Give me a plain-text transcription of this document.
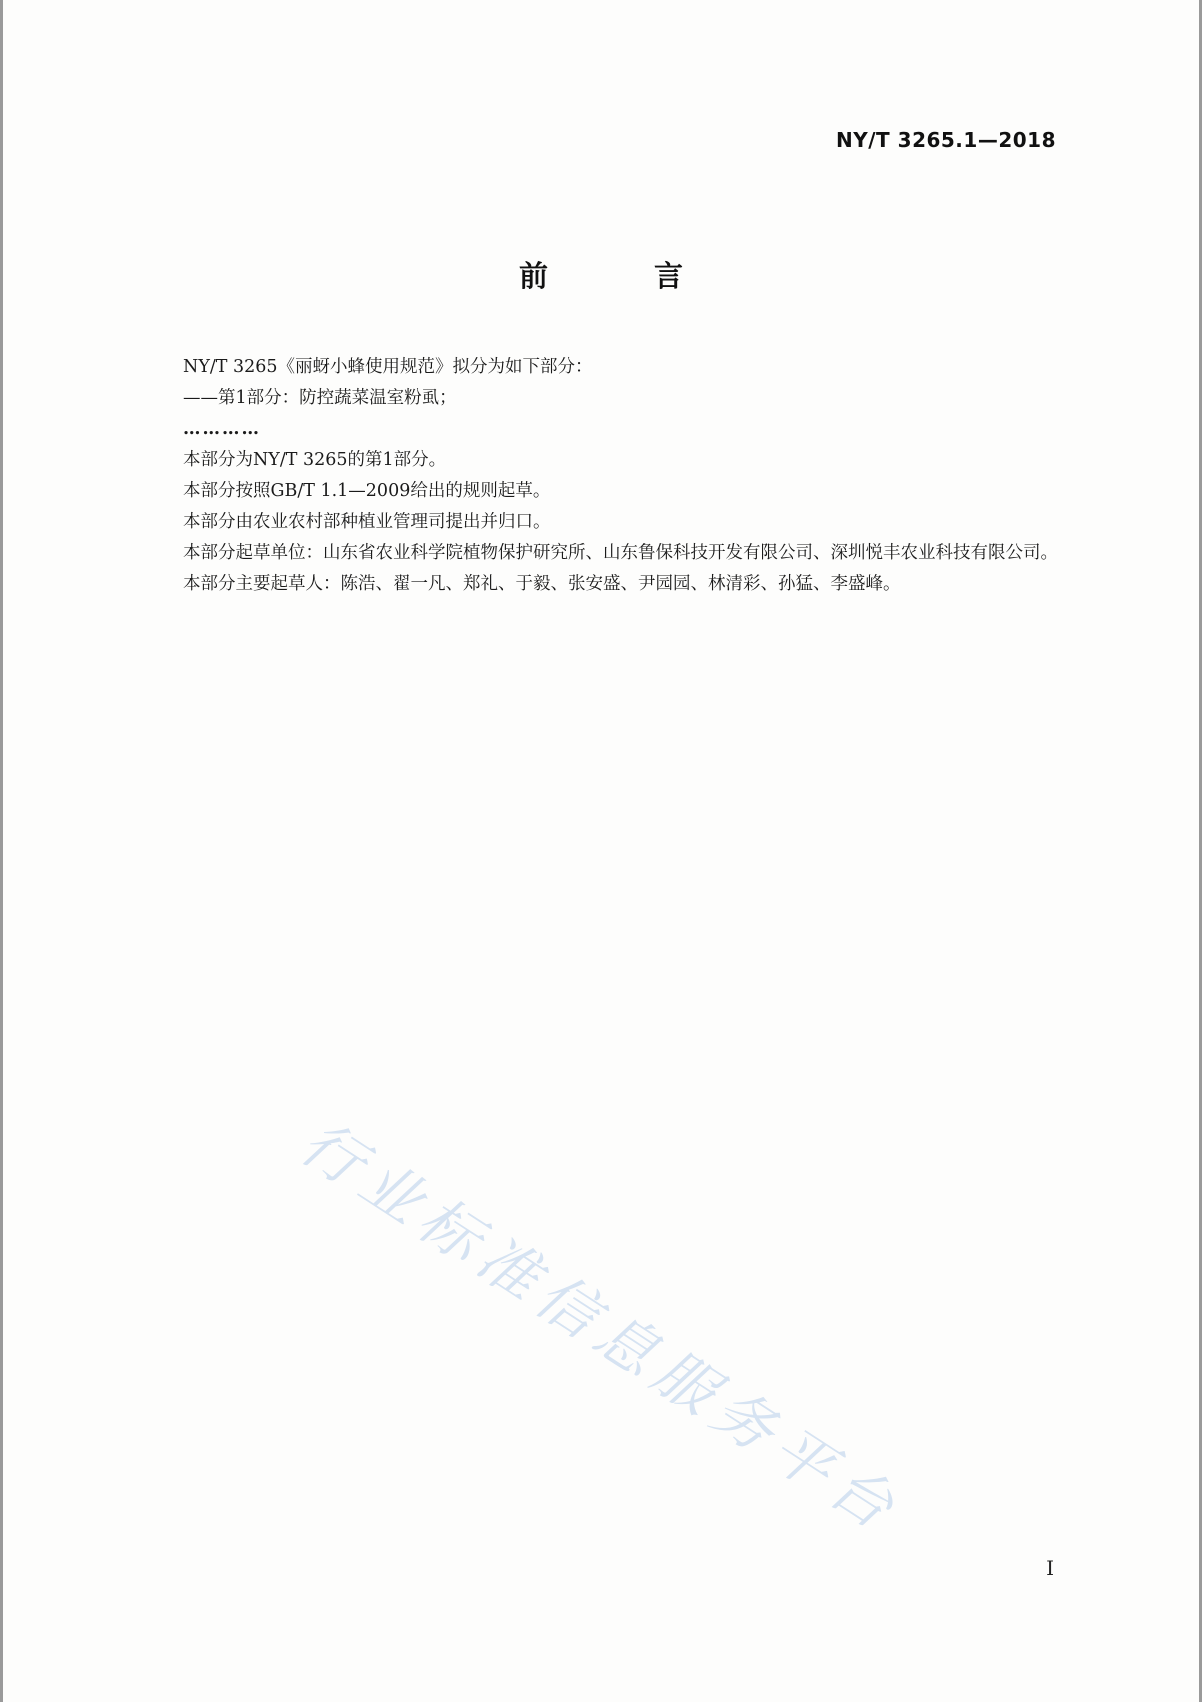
NY/T 3265.1—2018
前 言

NY/T 3265《丽蚜小蜂使用规范》拟分为如下部分：

——第1部分：防控蔬菜温室粉虱；

…………

本部分为NY/T 3265的第1部分。

本部分按照GB/T 1.1—2009给出的规则起草。

本部分由农业农村部种植业管理司提出并归口。

本部分起草单位：山东省农业科学院植物保护研究所、山东鲁保科技开发有限公司、深圳悦丰农业科技有限公司。

本部分主要起草人：陈浩、翟一凡、郑礼、于毅、张安盛、尹园园、林清彩、孙猛、李盛峰。

行业标准信息服务平台
I
